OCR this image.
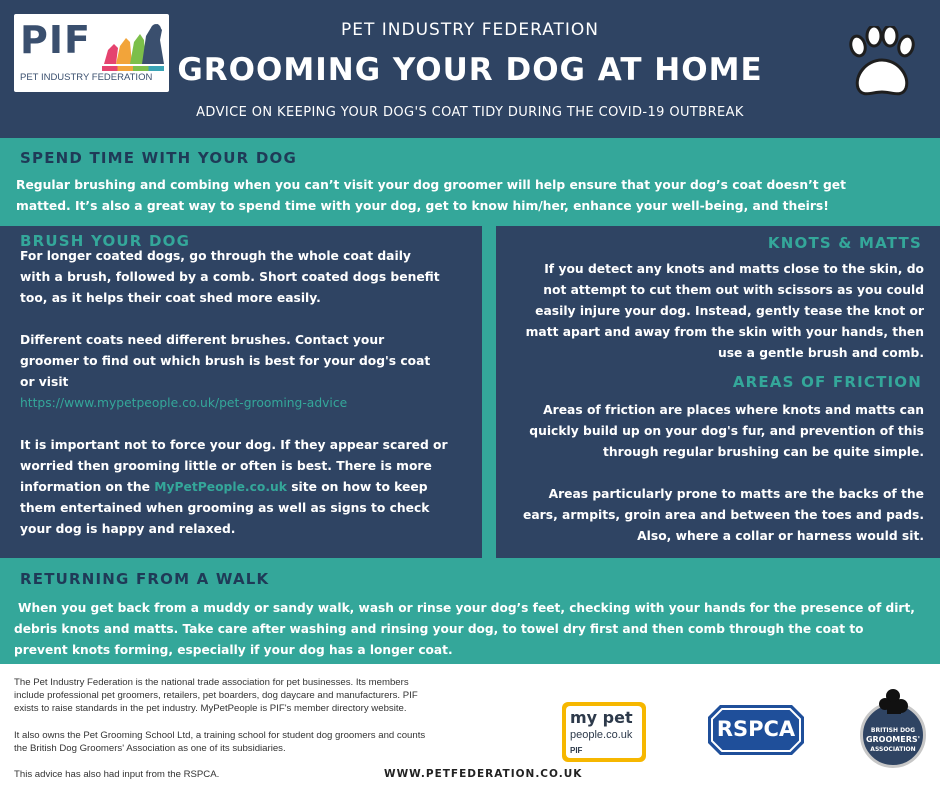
PIF
PET INDUSTRY FEDERATION
PET INDUSTRY FEDERATION
GROOMING YOUR DOG AT HOME
ADVICE ON KEEPING YOUR DOG'S COAT TIDY DURING THE COVID-19 OUTBREAK
SPEND TIME WITH YOUR DOG
Regular brushing and combing when you can’t visit your dog groomer will help ensure that your dog’s coat doesn’t get
matted. It’s also a great way to spend time with your dog, get to know him/her, enhance your well-being, and theirs!
BRUSH YOUR DOG
For longer coated dogs, go through the whole coat daily
with a brush, followed by a comb. Short coated dogs benefit
too, as it helps their coat shed more easily.
Different coats need different brushes. Contact your
groomer to find out which brush is best for your dog's coat
or visit
https://www.mypetpeople.co.uk/pet-grooming-advice
It is important not to force your dog. If they appear scared or
worried then grooming little or often is best. There is more
information on the MyPetPeople.co.uk site on how to keep
them entertained when grooming as well as signs to check
your dog is happy and relaxed.
KNOTS & MATTS
If you detect any knots and matts close to the skin, do
not attempt to cut them out with scissors as you could
easily injure your dog. Instead, gently tease the knot or
matt apart and away from the skin with your hands, then
use a gentle brush and comb.
AREAS OF FRICTION
Areas of friction are places where knots and matts can
quickly build up on your dog's fur, and prevention of this
through regular brushing can be quite simple.
Areas particularly prone to matts are the backs of the
ears, armpits, groin area and between the toes and pads.
Also, where a collar or harness would sit.
RETURNING FROM A WALK
When you get back from a muddy or sandy walk, wash or rinse your dog’s feet, checking with your hands for the presence of dirt,
debris knots and matts. Take care after washing and rinsing your dog, to towel dry first and then comb through the coat to
prevent knots forming, especially if your dog has a longer coat.
The Pet Industry Federation is the national trade association for pet businesses. Its members
include professional pet groomers, retailers, pet boarders, dog daycare and manufacturers. PIF
exists to raise standards in the pet industry. MyPetPeople is PIF's member directory website.
It also owns the Pet Grooming School Ltd, a training school for student dog groomers and counts
the British Dog Groomers' Association as one of its subsidiaries.
This advice has also had input from the RSPCA.
my pet
people.co.uk
PIF
RSPCA	BRITISH DOG
GROOMERS'
ASSOCIATION
WWW.PETFEDERATION.CO.UK
